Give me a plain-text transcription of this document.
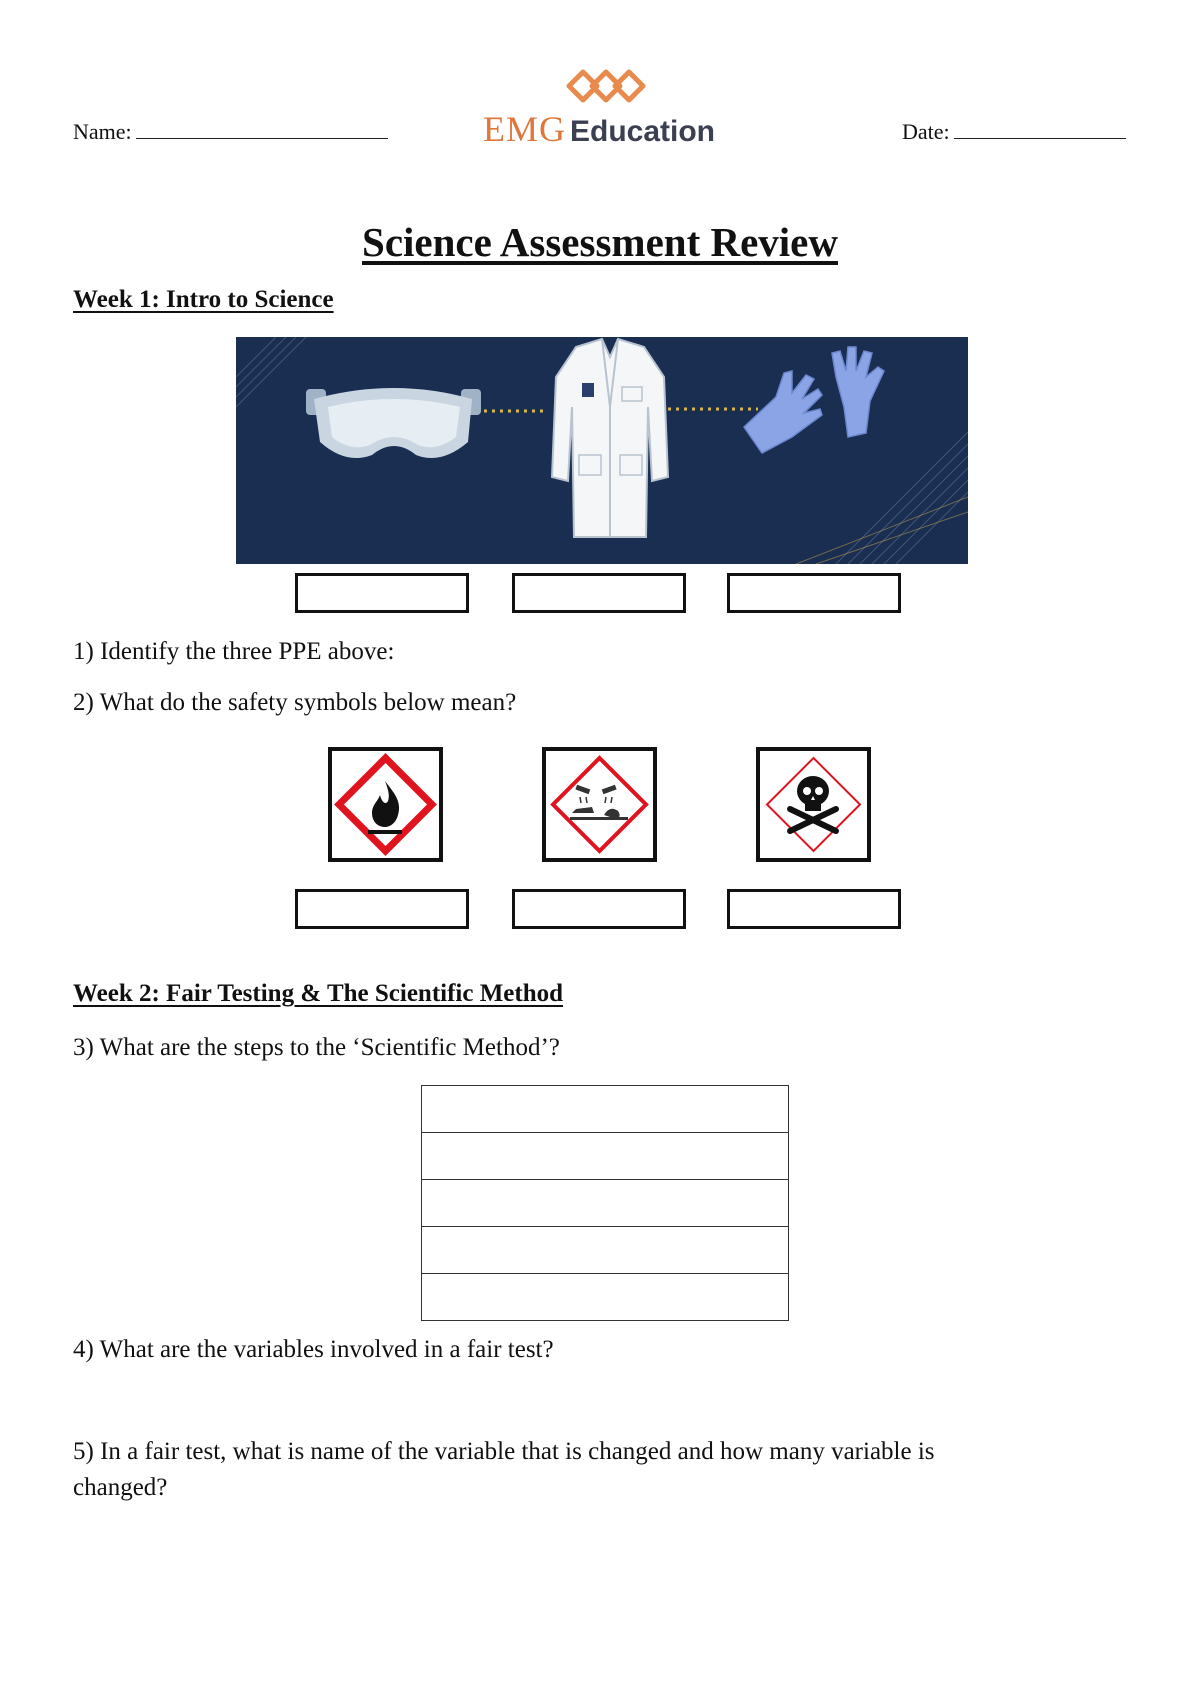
Name:	EMG Education	Date:
Science Assessment Review
Week 1: Intro to Science
1) Identify the three PPE above:
2) What do the safety symbols below mean?
Week 2: Fair Testing & The Scientific Method
3) What are the steps to the ‘Scientific Method’?

4) What are the variables involved in a fair test?
5) In a fair test, what is name of the variable that is changed and how many variable is
changed?
